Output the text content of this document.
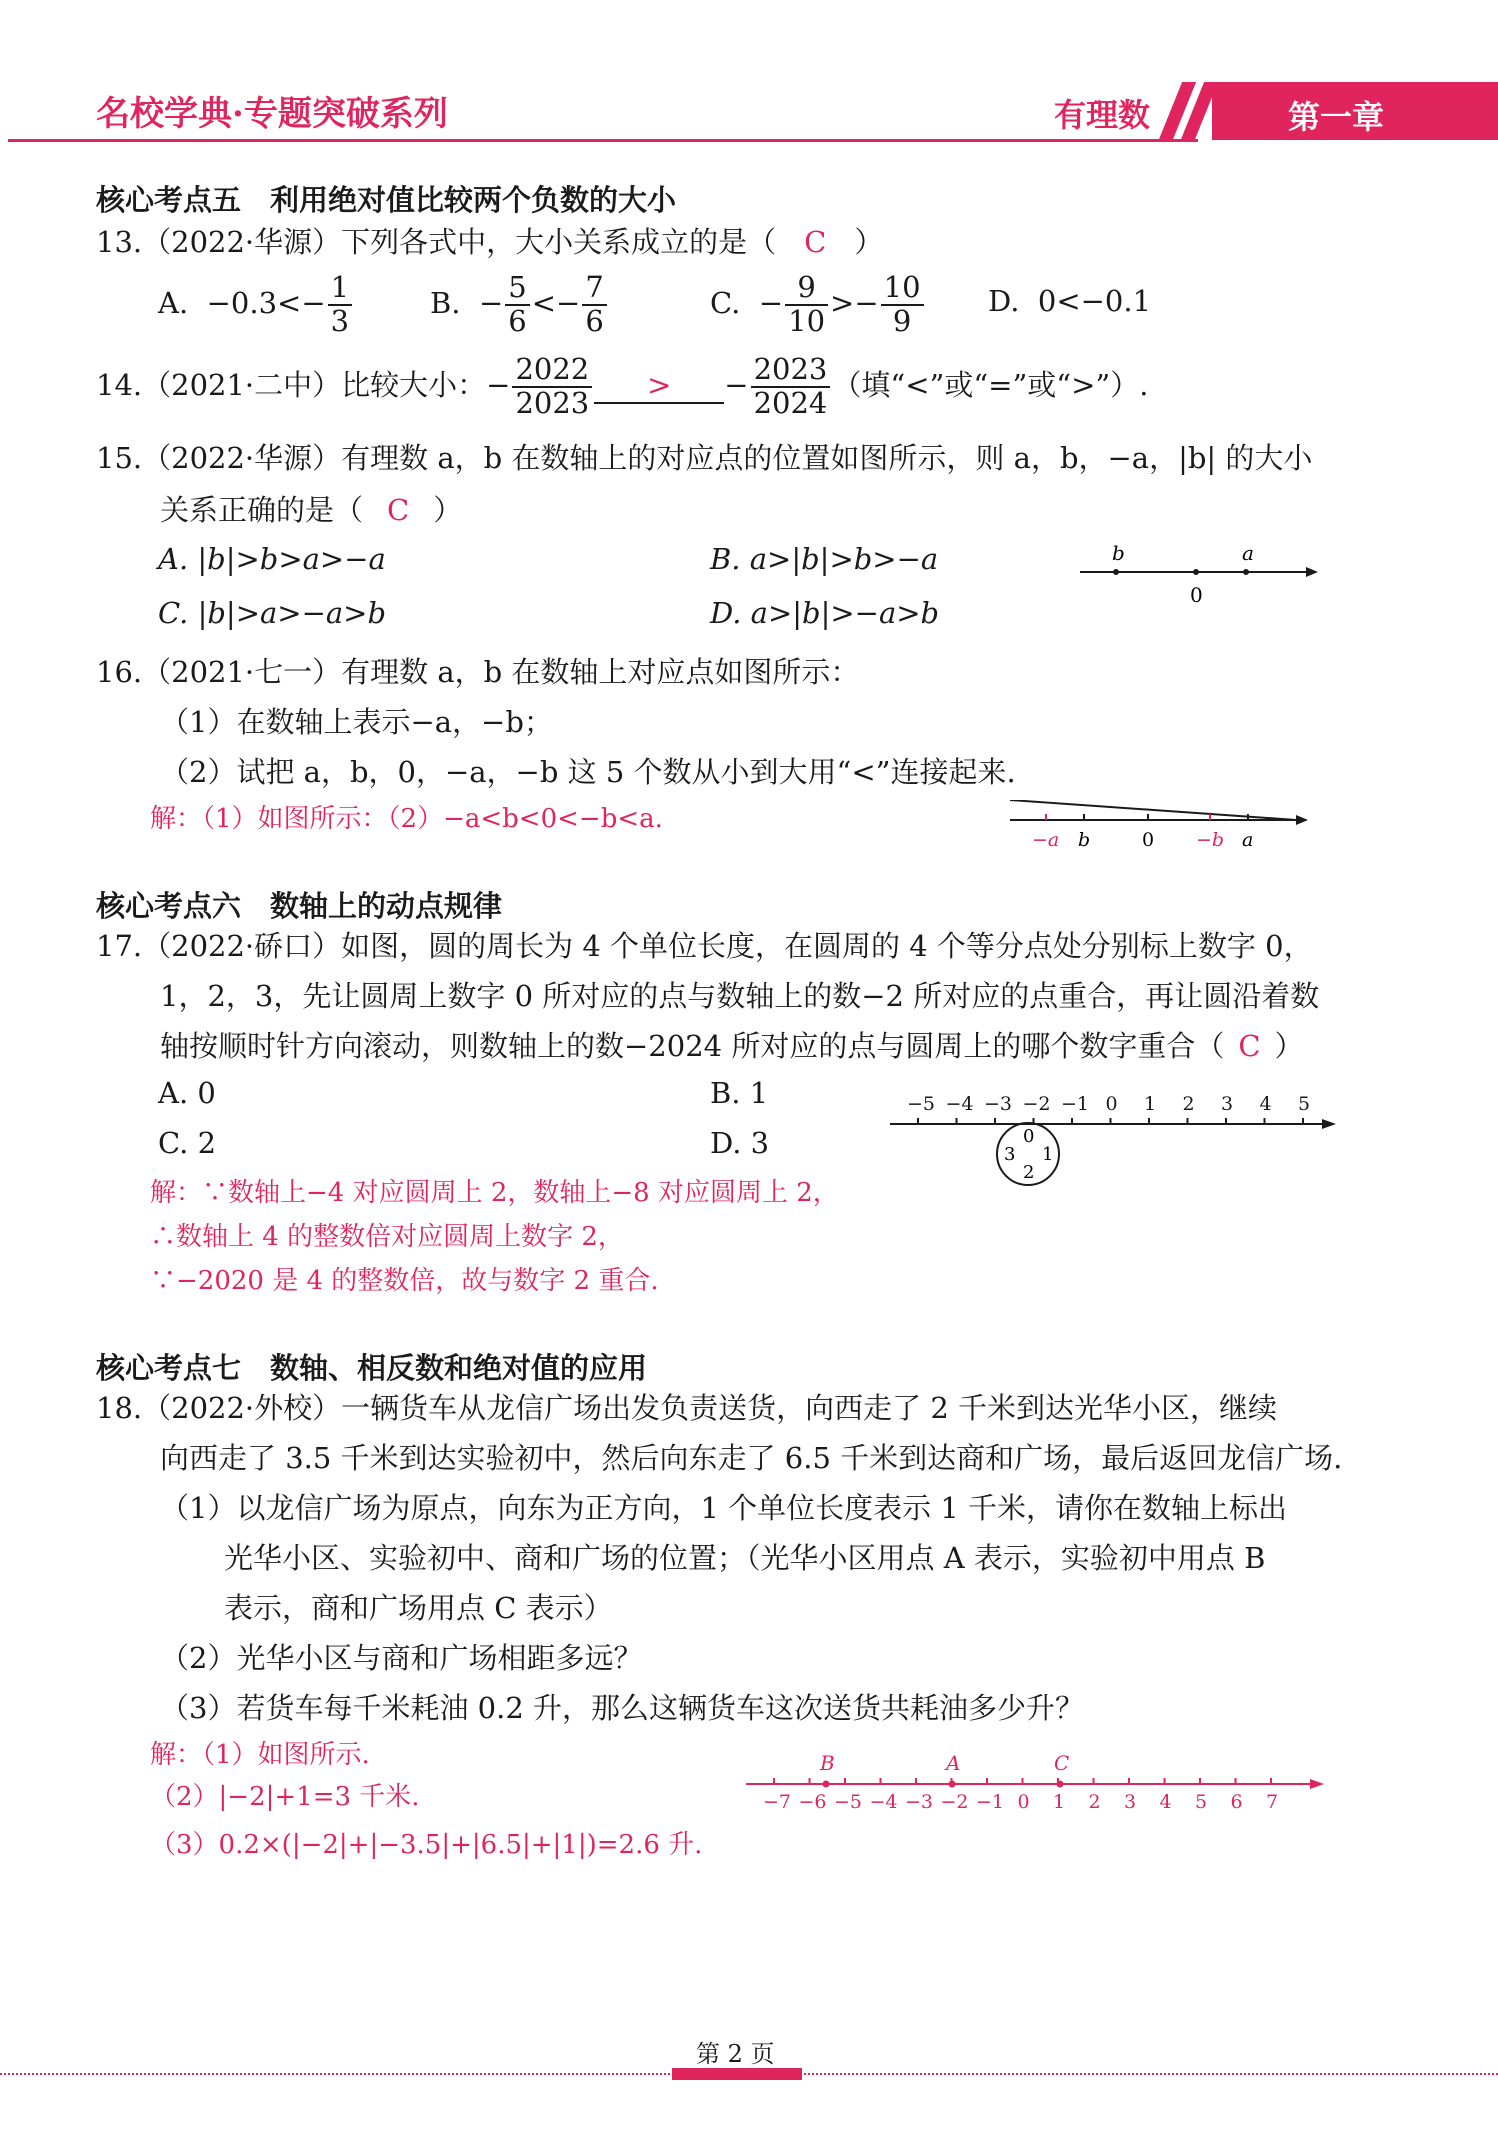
名校学典·专题突破系列	有理数	第一章
核心考点五　利用绝对值比较两个负数的大小
13.（2022·华源）下列各式中，大小关系成立的是（ C ）
A. $-0.3<- \frac{1}{3}$	B. − $\frac{5}{6} <- \frac{7}{6}$	C. − $\frac{9}{10} >- \frac{10}{9} D$. 0<−0.1
14.（2021·二中）比较大小：− $\frac{2022}{2023}$ > − $\frac{2023}{2024}$ （填“<”或“=”或“>”）.
15.（2022·华源）有理数 a，b 在数轴上的对应点的位置如图所示，则 a，b，−a，|b| 的大小
关系正确的是（ C ）
A. |b|>b>a>−a	B. a>|b|>b>−a
C. |b|>a>−a>b	D. a>|b|>−a>b
b	a
0
16.（2021·七一）有理数 a，b 在数轴上对应点如图所示：
（1）在数轴上表示−a，−b；
（2）试把 a，b，0，−a，−b 这 5 个数从小到大用“<”连接起来.
解：（1）如图所示：（2）−a<b<0<−b<a.
−a b	0 −b a
核心考点六　数轴上的动点规律
17.（2022·硚口）如图，圆的周长为 4 个单位长度，在圆周的 4 个等分点处分别标上数字 0，
1，2，3，先让圆周上数字 0 所对应的点与数轴上的数−2 所对应的点重合，再让圆沿着数
轴按顺时针方向滚动，则数轴上的数−2024 所对应的点与圆周上的哪个数字重合（ C ）
A. 0	B. 1
C. 2	D. 3
−5 −4 −3 −2 −1 0 1 2 3 4 5
0
1
2
3
解：∵数轴上−4 对应圆周上 2，数轴上−8 对应圆周上 2，
∴数轴上 4 的整数倍对应圆周上数字 2，
∵−2020 是 4 的整数倍，故与数字 2 重合.
核心考点七　数轴、相反数和绝对值的应用
18.（2022·外校）一辆货车从龙信广场出发负责送货，向西走了 2 千米到达光华小区，继续
向西走了 3.5 千米到达实验初中，然后向东走了 6.5 千米到达商和广场，最后返回龙信广场.
（1）以龙信广场为原点，向东为正方向，1 个单位长度表示 1 千米，请你在数轴上标出
光华小区、实验初中、商和广场的位置；（光华小区用点 A 表示，实验初中用点 B
表示，商和广场用点 C 表示）
（2）光华小区与商和广场相距多远？
（3）若货车每千米耗油 0.2 升，那么这辆货车这次送货共耗油多少升？
解：（1）如图所示.
（2）|−2|+1=3 千米.
（3）0.2×(|−2|+|−3.5|+|6.5|+|1|)=2.6 升.
−7 −6 −5 −4 −3 −2 −1 0 1 2 3 4 5 6 7
B	A	C
第 2 页
